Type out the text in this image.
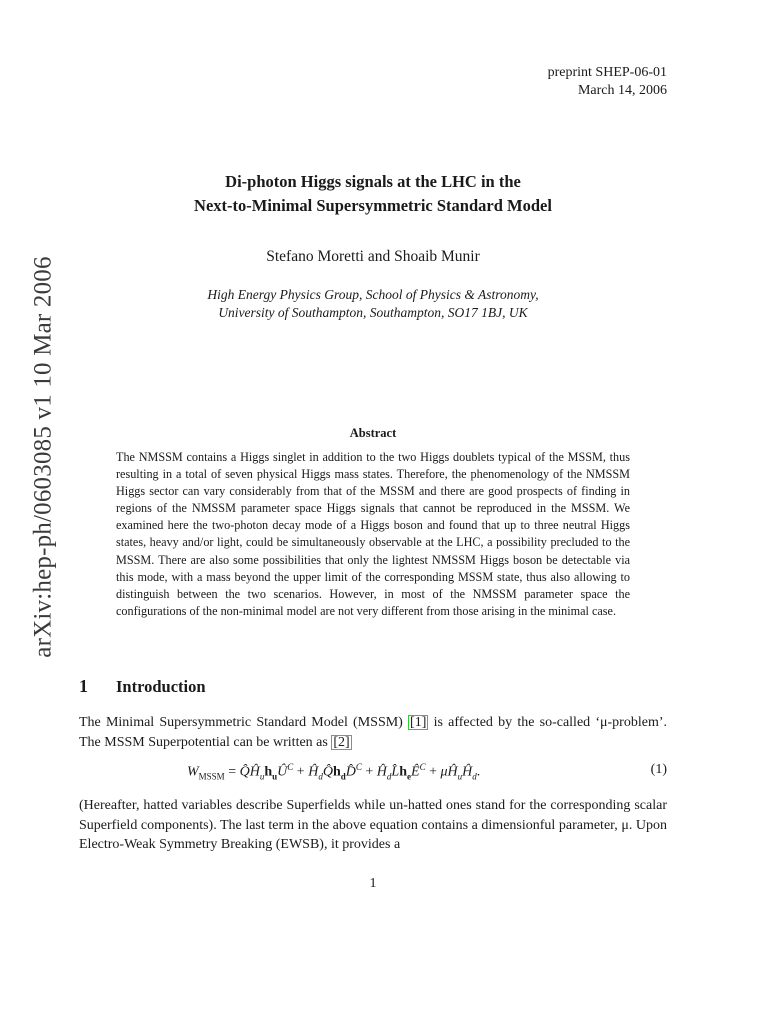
preprint SHEP-06-01
March 14, 2006
arXiv:hep-ph/0603085 v1 10 Mar 2006
Di-photon Higgs signals at the LHC in the
Next-to-Minimal Supersymmetric Standard Model
Stefano Moretti and Shoaib Munir
High Energy Physics Group, School of Physics & Astronomy,
University of Southampton, Southampton, SO17 1BJ, UK
Abstract
The NMSSM contains a Higgs singlet in addition to the two Higgs doublets typical of the MSSM, thus resulting in a total of seven physical Higgs mass states. Therefore, the phenomenology of the NMSSM Higgs sector can vary considerably from that of the MSSM and there are good prospects of finding in regions of the NMSSM parameter space Higgs signals that cannot be reproduced in the MSSM. We examined here the two-photon decay mode of a Higgs boson and found that up to three neutral Higgs states, heavy and/or light, could be simultaneously observable at the LHC, a possibility precluded to the MSSM. There are also some possibilities that only the lightest NMSSM Higgs boson be detectable via this mode, with a mass beyond the upper limit of the corresponding MSSM state, thus also allowing to distinguish between the two scenarios. However, in most of the NMSSM parameter space the configurations of the non-minimal model are not very different from those arising in the minimal case.
1 Introduction
The Minimal Supersymmetric Standard Model (MSSM) [1] is affected by the so-called ‘μ-problem’. The MSSM Superpotential can be written as [2]
$W_{MSSM}$ = $Q̂Ĥ_uh_uÛ^C$ + $Ĥ_dQ̂h_dD̂^C$ + $Ĥ_dL̂h_eÊ^C$ + $\mu Ĥ_uĤ_d$.	(1)
(Hereafter, hatted variables describe Superfields while un-hatted ones stand for the corresponding scalar Superfield components). The last term in the above equation contains a dimensionful parameter, μ. Upon Electro-Weak Symmetry Breaking (EWSB), it provides a
1
